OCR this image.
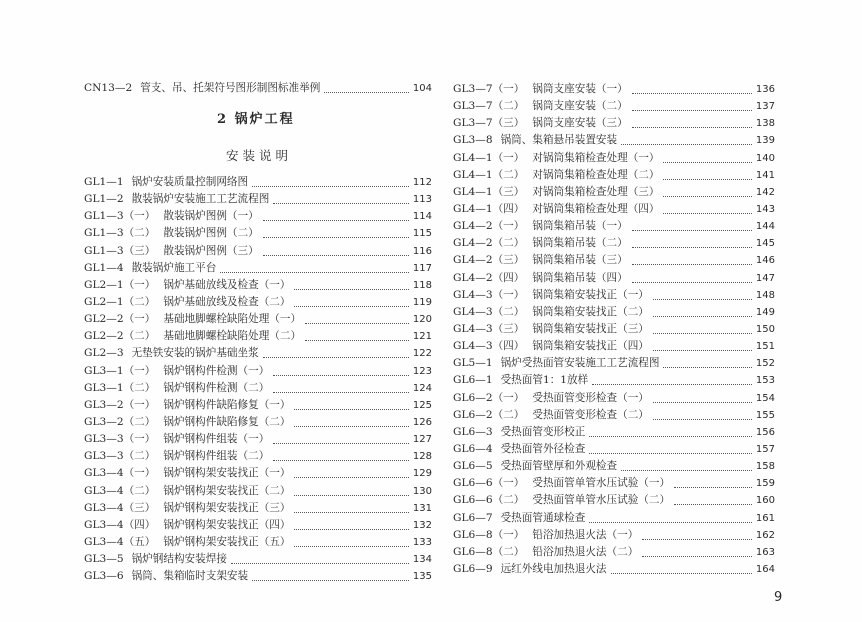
CN13—2 管支、吊、托架符号图形制图标准举例	104
2 锅炉工程
安装说明
GL1—1 锅炉安装质量控制网络图	112
GL1—2 散装锅炉安装施工工艺流程图	113
GL1—3（一） 散装锅炉图例（一）	114
GL1—3（二） 散装锅炉图例（二）	115
GL1—3（三） 散装锅炉图例（三）	116
GL1—4 散装锅炉施工平台	117
GL2—1（一） 锅炉基础放线及检查（一）	118
GL2—1（二） 锅炉基础放线及检查（二）	119
GL2—2（一） 基础地脚螺栓缺陷处理（一）	120
GL2—2（二） 基础地脚螺栓缺陷处理（二）	121
GL2—3 无垫铁安装的锅炉基础坐浆	122
GL3—1（一） 锅炉钢构件检测（一）	123
GL3—1（二） 锅炉钢构件检测（二）	124
GL3—2（一） 锅炉钢构件缺陷修复（一）	125
GL3—2（二） 锅炉钢构件缺陷修复（二）	126
GL3—3（一） 锅炉钢构件组装（一）	127
GL3—3（二） 锅炉钢构件组装（二）	128
GL3—4（一） 锅炉钢构架安装找正（一）	129
GL3—4（二） 锅炉钢构架安装找正（二）	130
GL3—4（三） 锅炉钢构架安装找正（三）	131
GL3—4（四） 锅炉钢构架安装找正（四）	132
GL3—4（五） 锅炉钢构架安装找正（五）	133
GL3—5 锅炉钢结构安装焊接	134
GL3—6 锅筒、集箱临时支架安装	135
GL3—7（一） 锅筒支座安装（一）	136
GL3—7（二） 锅筒支座安装（二）	137
GL3—7（三） 锅筒支座安装（三）	138
GL3—8 锅筒、集箱悬吊装置安装	139
GL4—1（一） 对锅筒集箱检查处理（一）	140
GL4—1（二） 对锅筒集箱检查处理（二）	141
GL4—1（三） 对锅筒集箱检查处理（三）	142
GL4—1（四） 对锅筒集箱检查处理（四）	143
GL4—2（一） 锅筒集箱吊装（一）	144
GL4—2（二） 锅筒集箱吊装（二）	145
GL4—2（三） 锅筒集箱吊装（三）	146
GL4—2（四） 锅筒集箱吊装（四）	147
GL4—3（一） 锅筒集箱安装找正（一）	148
GL4—3（二） 锅筒集箱安装找正（二）	149
GL4—3（三） 锅筒集箱安装找正（三）	150
GL4—3（四） 锅筒集箱安装找正（四）	151
GL5—1 锅炉受热面管安装施工工艺流程图	152
GL6—1 受热面管1：1放样	153
GL6—2（一） 受热面管变形检查（一）	154
GL6—2（二） 受热面管变形检查（二）	155
GL6—3 受热面管变形校正	156
GL6—4 受热面管外径检查	157
GL6—5 受热面管壁厚和外观检查	158
GL6—6（一） 受热面管单管水压试验（一）	159
GL6—6（二） 受热面管单管水压试验（二）	160
GL6—7 受热面管通球检查	161
GL6—8（一） 铅浴加热退火法（一）	162
GL6—8（二） 铅浴加热退火法（二）	163
GL6—9 远红外线电加热退火法	164
9
